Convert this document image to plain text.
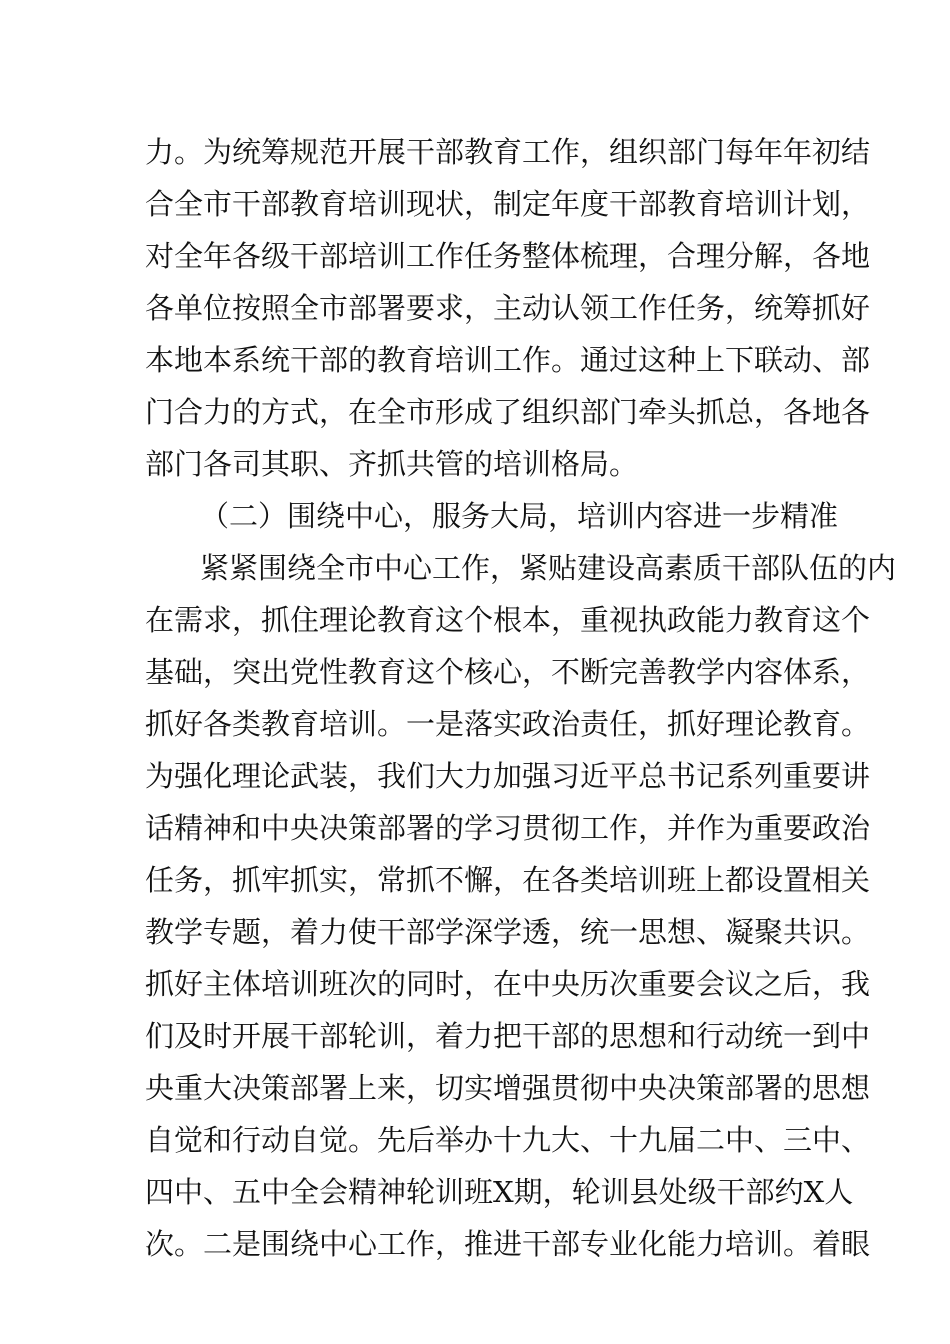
力。为统筹规范开展干部教育工作，组织部门每年年初结
合全市干部教育培训现状，制定年度干部教育培训计划，
对全年各级干部培训工作任务整体梳理，合理分解，各地
各单位按照全市部署要求，主动认领工作任务，统筹抓好
本地本系统干部的教育培训工作。通过这种上下联动、部
门合力的方式，在全市形成了组织部门牵头抓总，各地各
部门各司其职、齐抓共管的培训格局。
（二）围绕中心，服务大局，培训内容进一步精准
紧紧围绕全市中心工作，紧贴建设高素质干部队伍的内
在需求，抓住理论教育这个根本，重视执政能力教育这个
基础，突出党性教育这个核心，不断完善教学内容体系，
抓好各类教育培训。一是落实政治责任，抓好理论教育。
为强化理论武装，我们大力加强习近平总书记系列重要讲
话精神和中央决策部署的学习贯彻工作，并作为重要政治
任务，抓牢抓实，常抓不懈，在各类培训班上都设置相关
教学专题，着力使干部学深学透，统一思想、凝聚共识。
抓好主体培训班次的同时，在中央历次重要会议之后，我
们及时开展干部轮训，着力把干部的思想和行动统一到中
央重大决策部署上来，切实增强贯彻中央决策部署的思想
自觉和行动自觉。先后举办十九大、十九届二中、三中、
四中、五中全会精神轮训班X期，轮训县处级干部约X人
次。二是围绕中心工作，推进干部专业化能力培训。着眼
